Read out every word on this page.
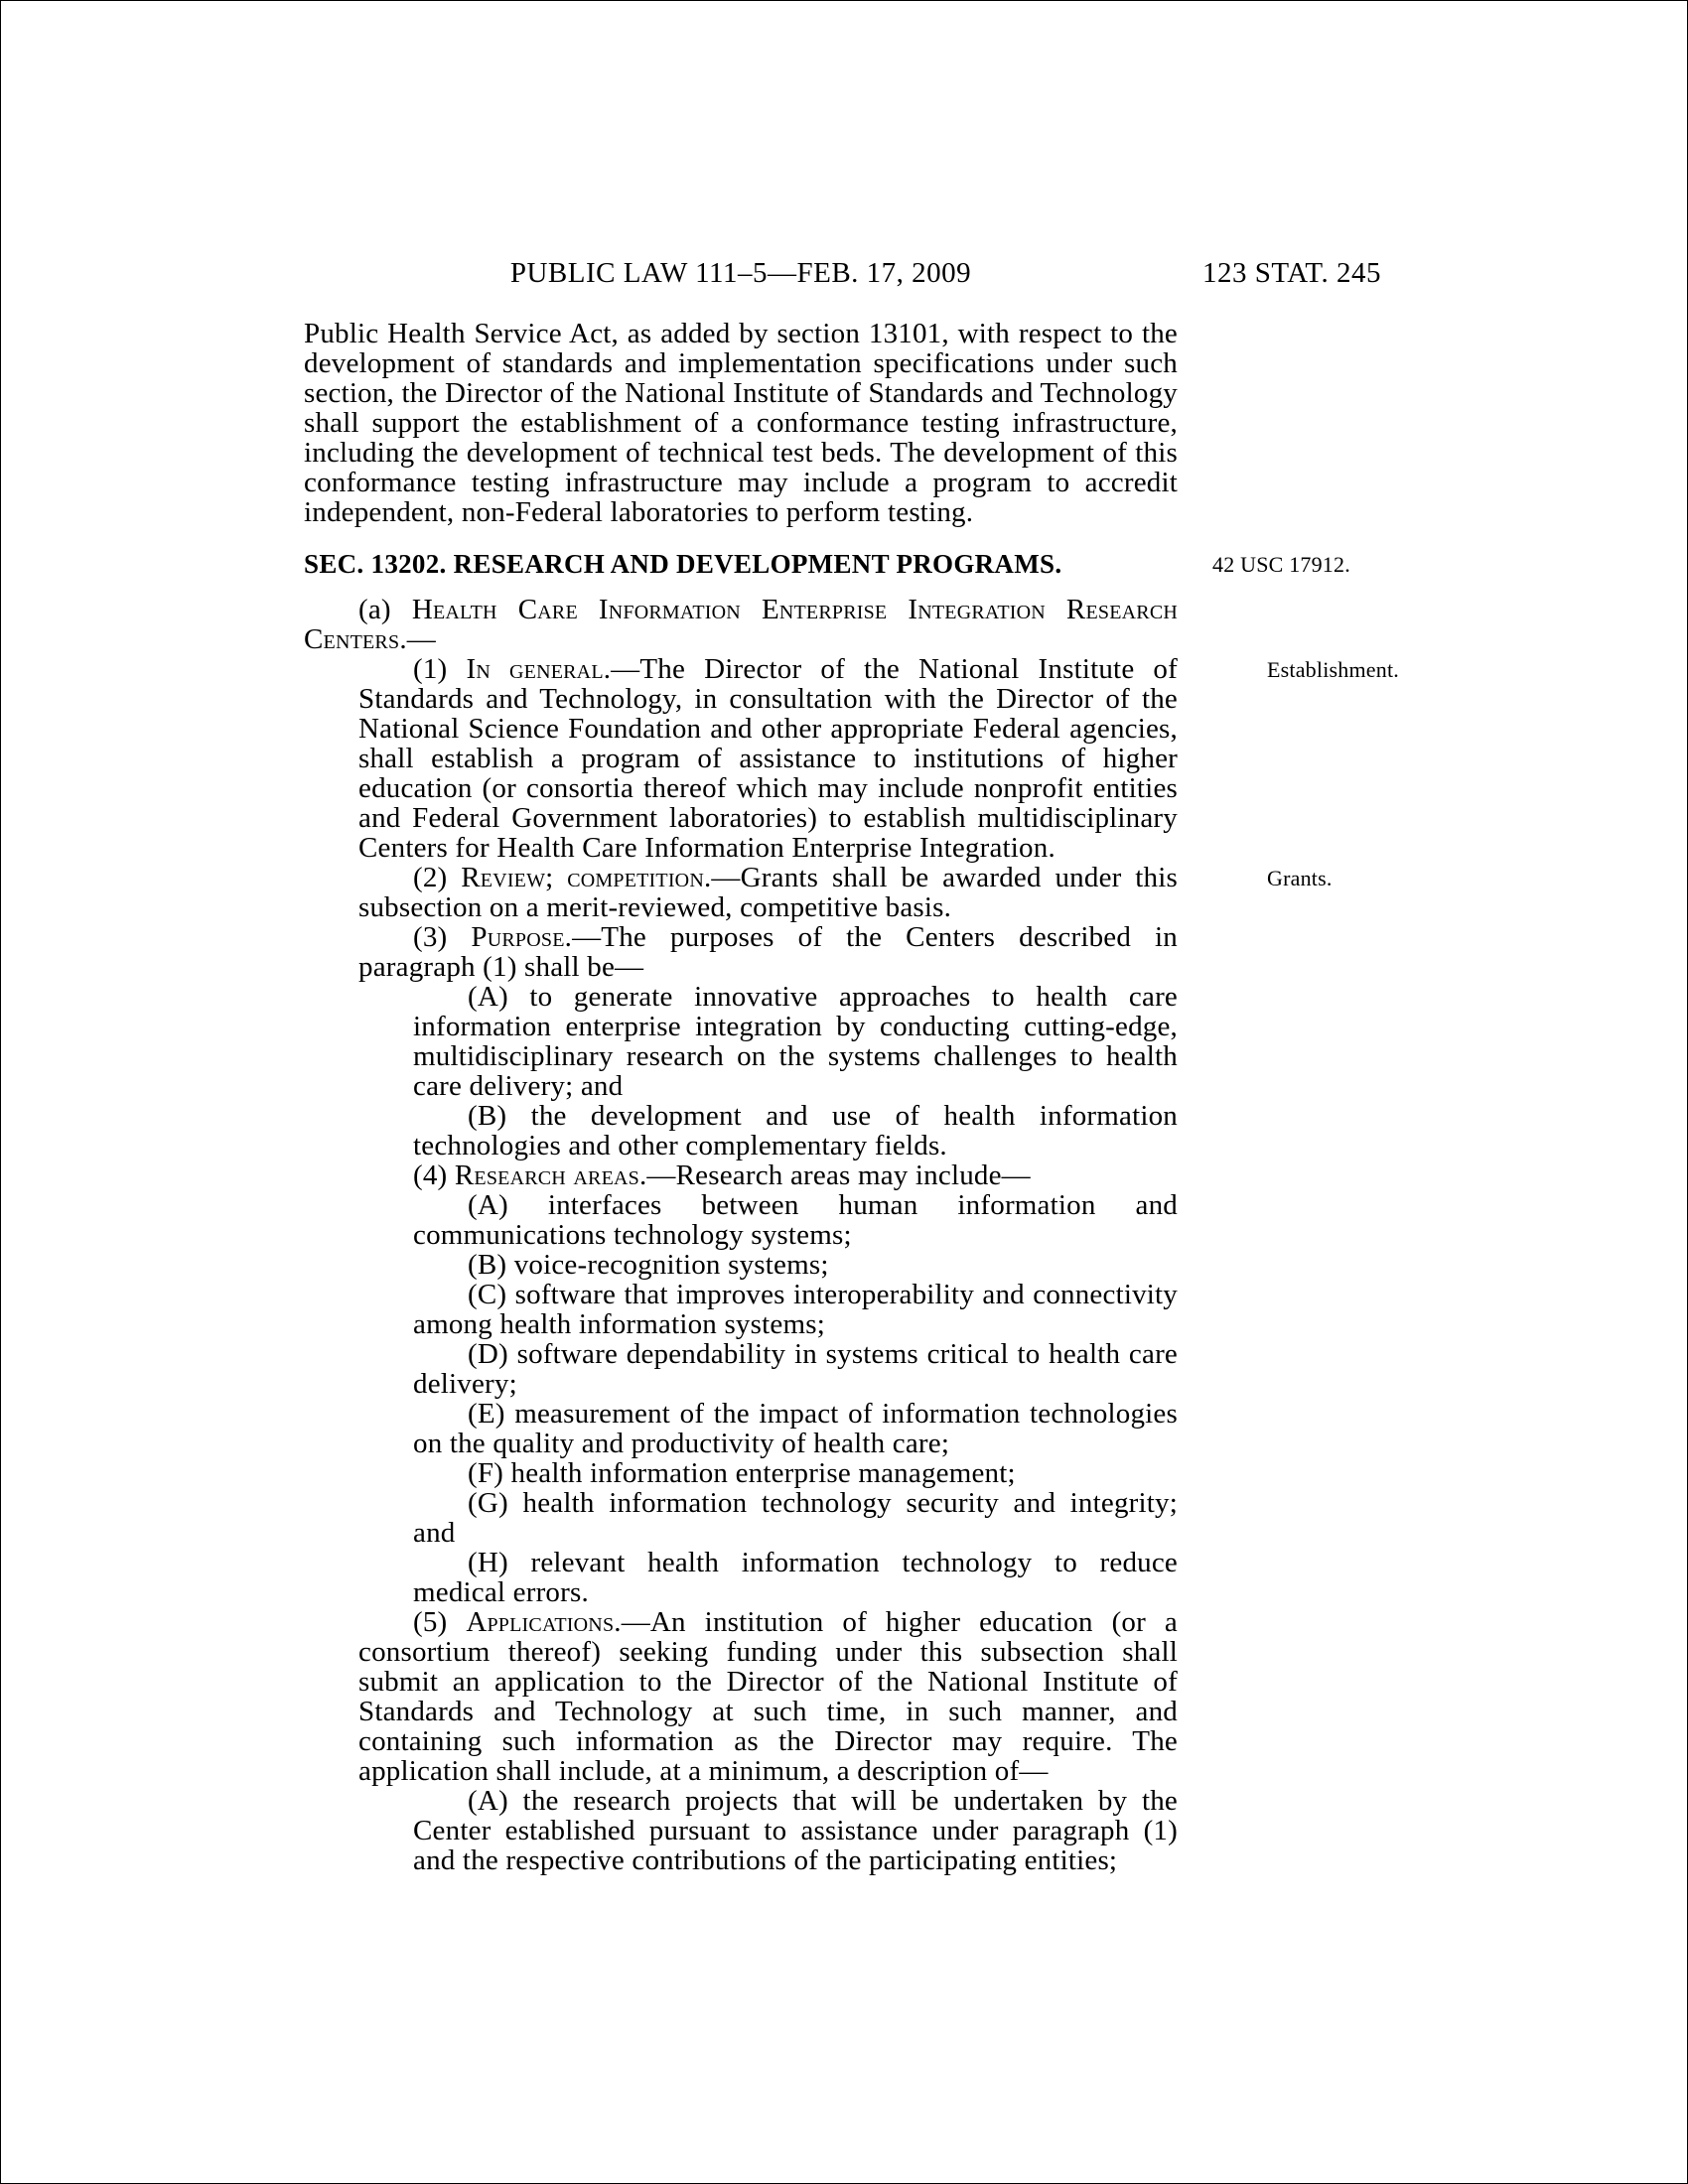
PUBLIC LAW 111–5—FEB. 17, 2009	123 STAT. 245

Public Health Service Act, as added by section 13101, with respect to the development of standards and implementation specifications under such section, the Director of the National Institute of Standards and Technology shall support the establishment of a conformance testing infrastructure, including the development of technical test beds. The development of this conformance testing infrastructure may include a program to accredit independent, non-Federal laboratories to perform testing.

SEC. 13202. RESEARCH AND DEVELOPMENT PROGRAMS.	42 USC 17912.

(a) Health Care Information Enterprise Integration Research Centers.—

(1) In general.—The Director of the National Institute of Standards and Technology, in consultation with the Director of the National Science Foundation and other appropriate Federal agencies, shall establish a program of assistance to institutions of higher education (or consortia thereof which may include nonprofit entities and Federal Government laboratories) to establish multidisciplinary Centers for Health Care Information Enterprise Integration.
Establishment.

(2) Review; competition.—Grants shall be awarded under this subsection on a merit-reviewed, competitive basis.
Grants.

(3) Purpose.—The purposes of the Centers described in paragraph (1) shall be—

(A) to generate innovative approaches to health care information enterprise integration by conducting cutting-edge, multidisciplinary research on the systems challenges to health care delivery; and

(B) the development and use of health information technologies and other complementary fields.

(4) Research areas.—Research areas may include—

(A) interfaces between human information and communications technology systems;

(B) voice-recognition systems;

(C) software that improves interoperability and connectivity among health information systems;

(D) software dependability in systems critical to health care delivery;

(E) measurement of the impact of information technologies on the quality and productivity of health care;

(F) health information enterprise management;

(G) health information technology security and integrity; and

(H) relevant health information technology to reduce medical errors.

(5) Applications.—An institution of higher education (or a consortium thereof) seeking funding under this subsection shall submit an application to the Director of the National Institute of Standards and Technology at such time, in such manner, and containing such information as the Director may require. The application shall include, at a minimum, a description of—

(A) the research projects that will be undertaken by the Center established pursuant to assistance under paragraph (1) and the respective contributions of the participating entities;
